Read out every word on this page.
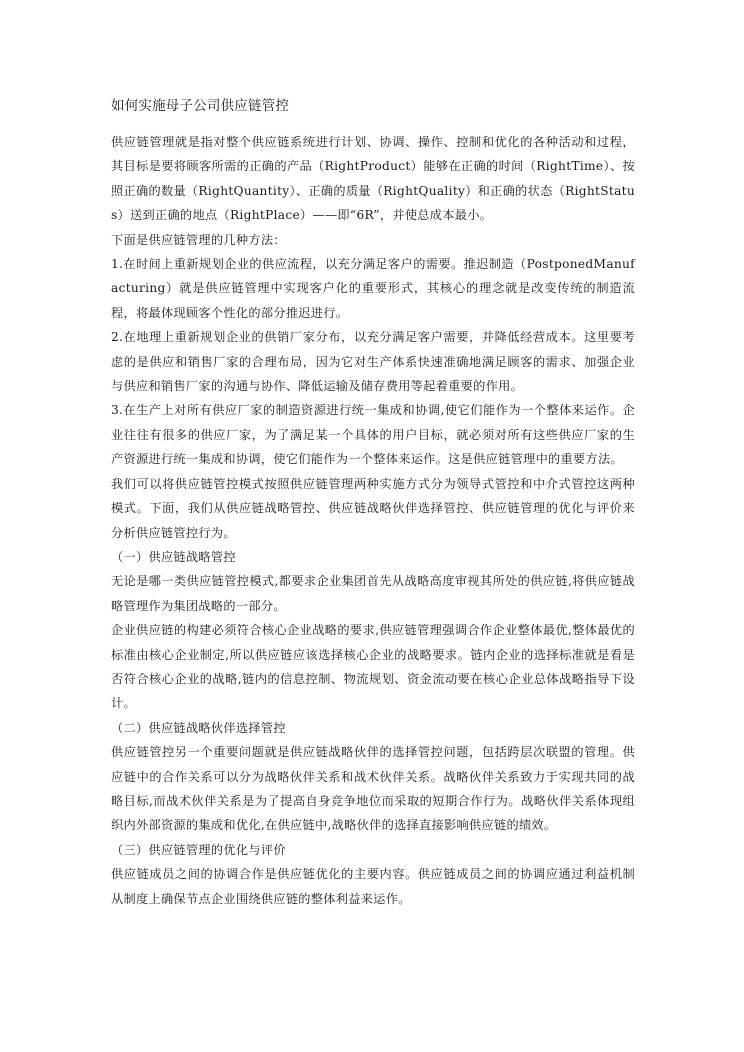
如何实施母子公司供应链管控

供应链管理就是指对整个供应链系统进行计划、协调、操作、控制和优化的各种活动和过程，其目标是要将顾客所需的正确的产品（RightProduct）能够在正确的时间（RightTime）、按照正确的数量（RightQuantity）、正确的质量（RightQuality）和正确的状态（RightStatus）送到正确的地点（RightPlace）——即“6R”，并使总成本最小。

下面是供应链管理的几种方法：

1.在时间上重新规划企业的供应流程，以充分满足客户的需要。推迟制造（PostponedManufacturing）就是供应链管理中实现客户化的重要形式，其核心的理念就是改变传统的制造流程，将最体现顾客个性化的部分推迟进行。

2.在地理上重新规划企业的供销厂家分布，以充分满足客户需要，并降低经营成本。这里要考虑的是供应和销售厂家的合理布局，因为它对生产体系快速准确地满足顾客的需求、加强企业与供应和销售厂家的沟通与协作、降低运输及储存费用等起着重要的作用。

3.在生产上对所有供应厂家的制造资源进行统一集成和协调,使它们能作为一个整体来运作。企业往往有很多的供应厂家，为了满足某一个具体的用户目标，就必须对所有这些供应厂家的生产资源进行统一集成和协调，使它们能作为一个整体来运作。这是供应链管理中的重要方法。

我们可以将供应链管控模式按照供应链管理两种实施方式分为领导式管控和中介式管控这两种模式。下面，我们从供应链战略管控、供应链战略伙伴选择管控、供应链管理的优化与评价来分析供应链管控行为。

（一）供应链战略管控

无论是哪一类供应链管控模式,都要求企业集团首先从战略高度审视其所处的供应链,将供应链战略管理作为集团战略的一部分。

企业供应链的构建必须符合核心企业战略的要求,供应链管理强调合作企业整体最优,整体最优的标准由核心企业制定,所以供应链应该选择核心企业的战略要求。链内企业的选择标准就是看是否符合核心企业的战略,链内的信息控制、物流规划、资金流动要在核心企业总体战略指导下设计。

（二）供应链战略伙伴选择管控

供应链管控另一个重要问题就是供应链战略伙伴的选择管控问题，包括跨层次联盟的管理。供应链中的合作关系可以分为战略伙伴关系和战术伙伴关系。战略伙伴关系致力于实现共同的战略目标,而战术伙伴关系是为了提高自身竞争地位而采取的短期合作行为。战略伙伴关系体现组织内外部资源的集成和优化,在供应链中,战略伙伴的选择直接影响供应链的绩效。

（三）供应链管理的优化与评价

供应链成员之间的协调合作是供应链优化的主要内容。供应链成员之间的协调应通过利益机制从制度上确保节点企业围绕供应链的整体利益来运作。
